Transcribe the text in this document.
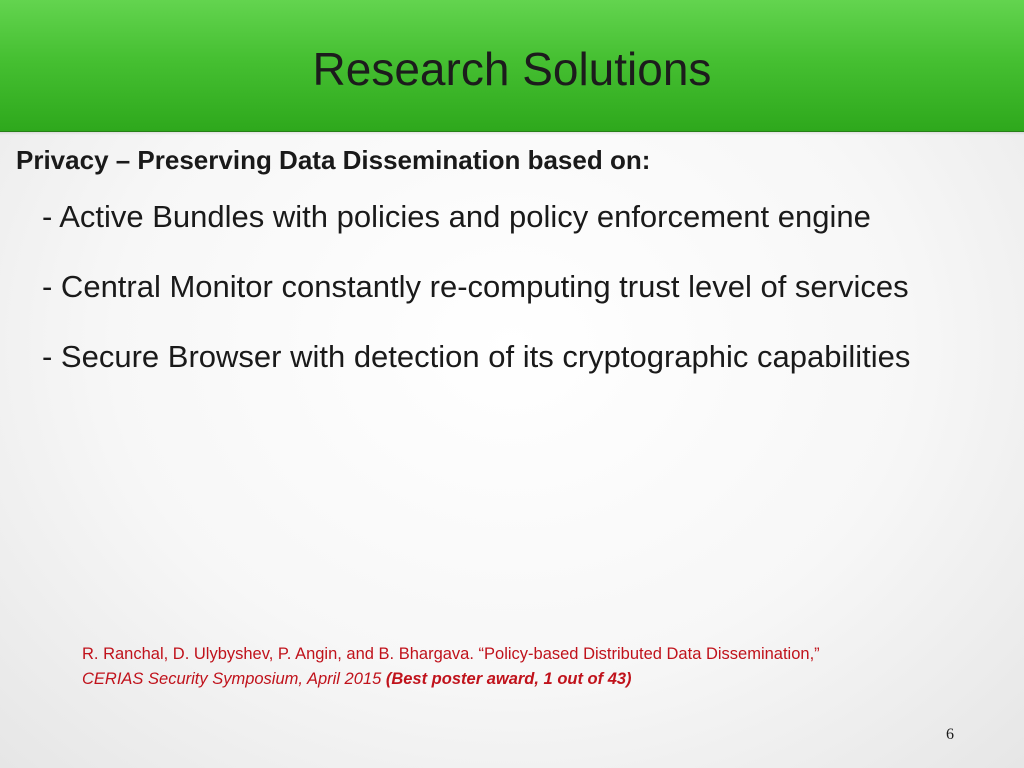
Research Solutions
Privacy – Preserving Data Dissemination based on:
- Active Bundles with policies and policy enforcement engine
- Central Monitor constantly re-computing trust level of services
- Secure Browser with detection of its cryptographic capabilities
R. Ranchal, D. Ulybyshev, P. Angin, and B. Bhargava. “Policy-based Distributed Data Dissemination,”
CERIAS Security Symposium, April 2015 (Best poster award, 1 out of 43)
6
